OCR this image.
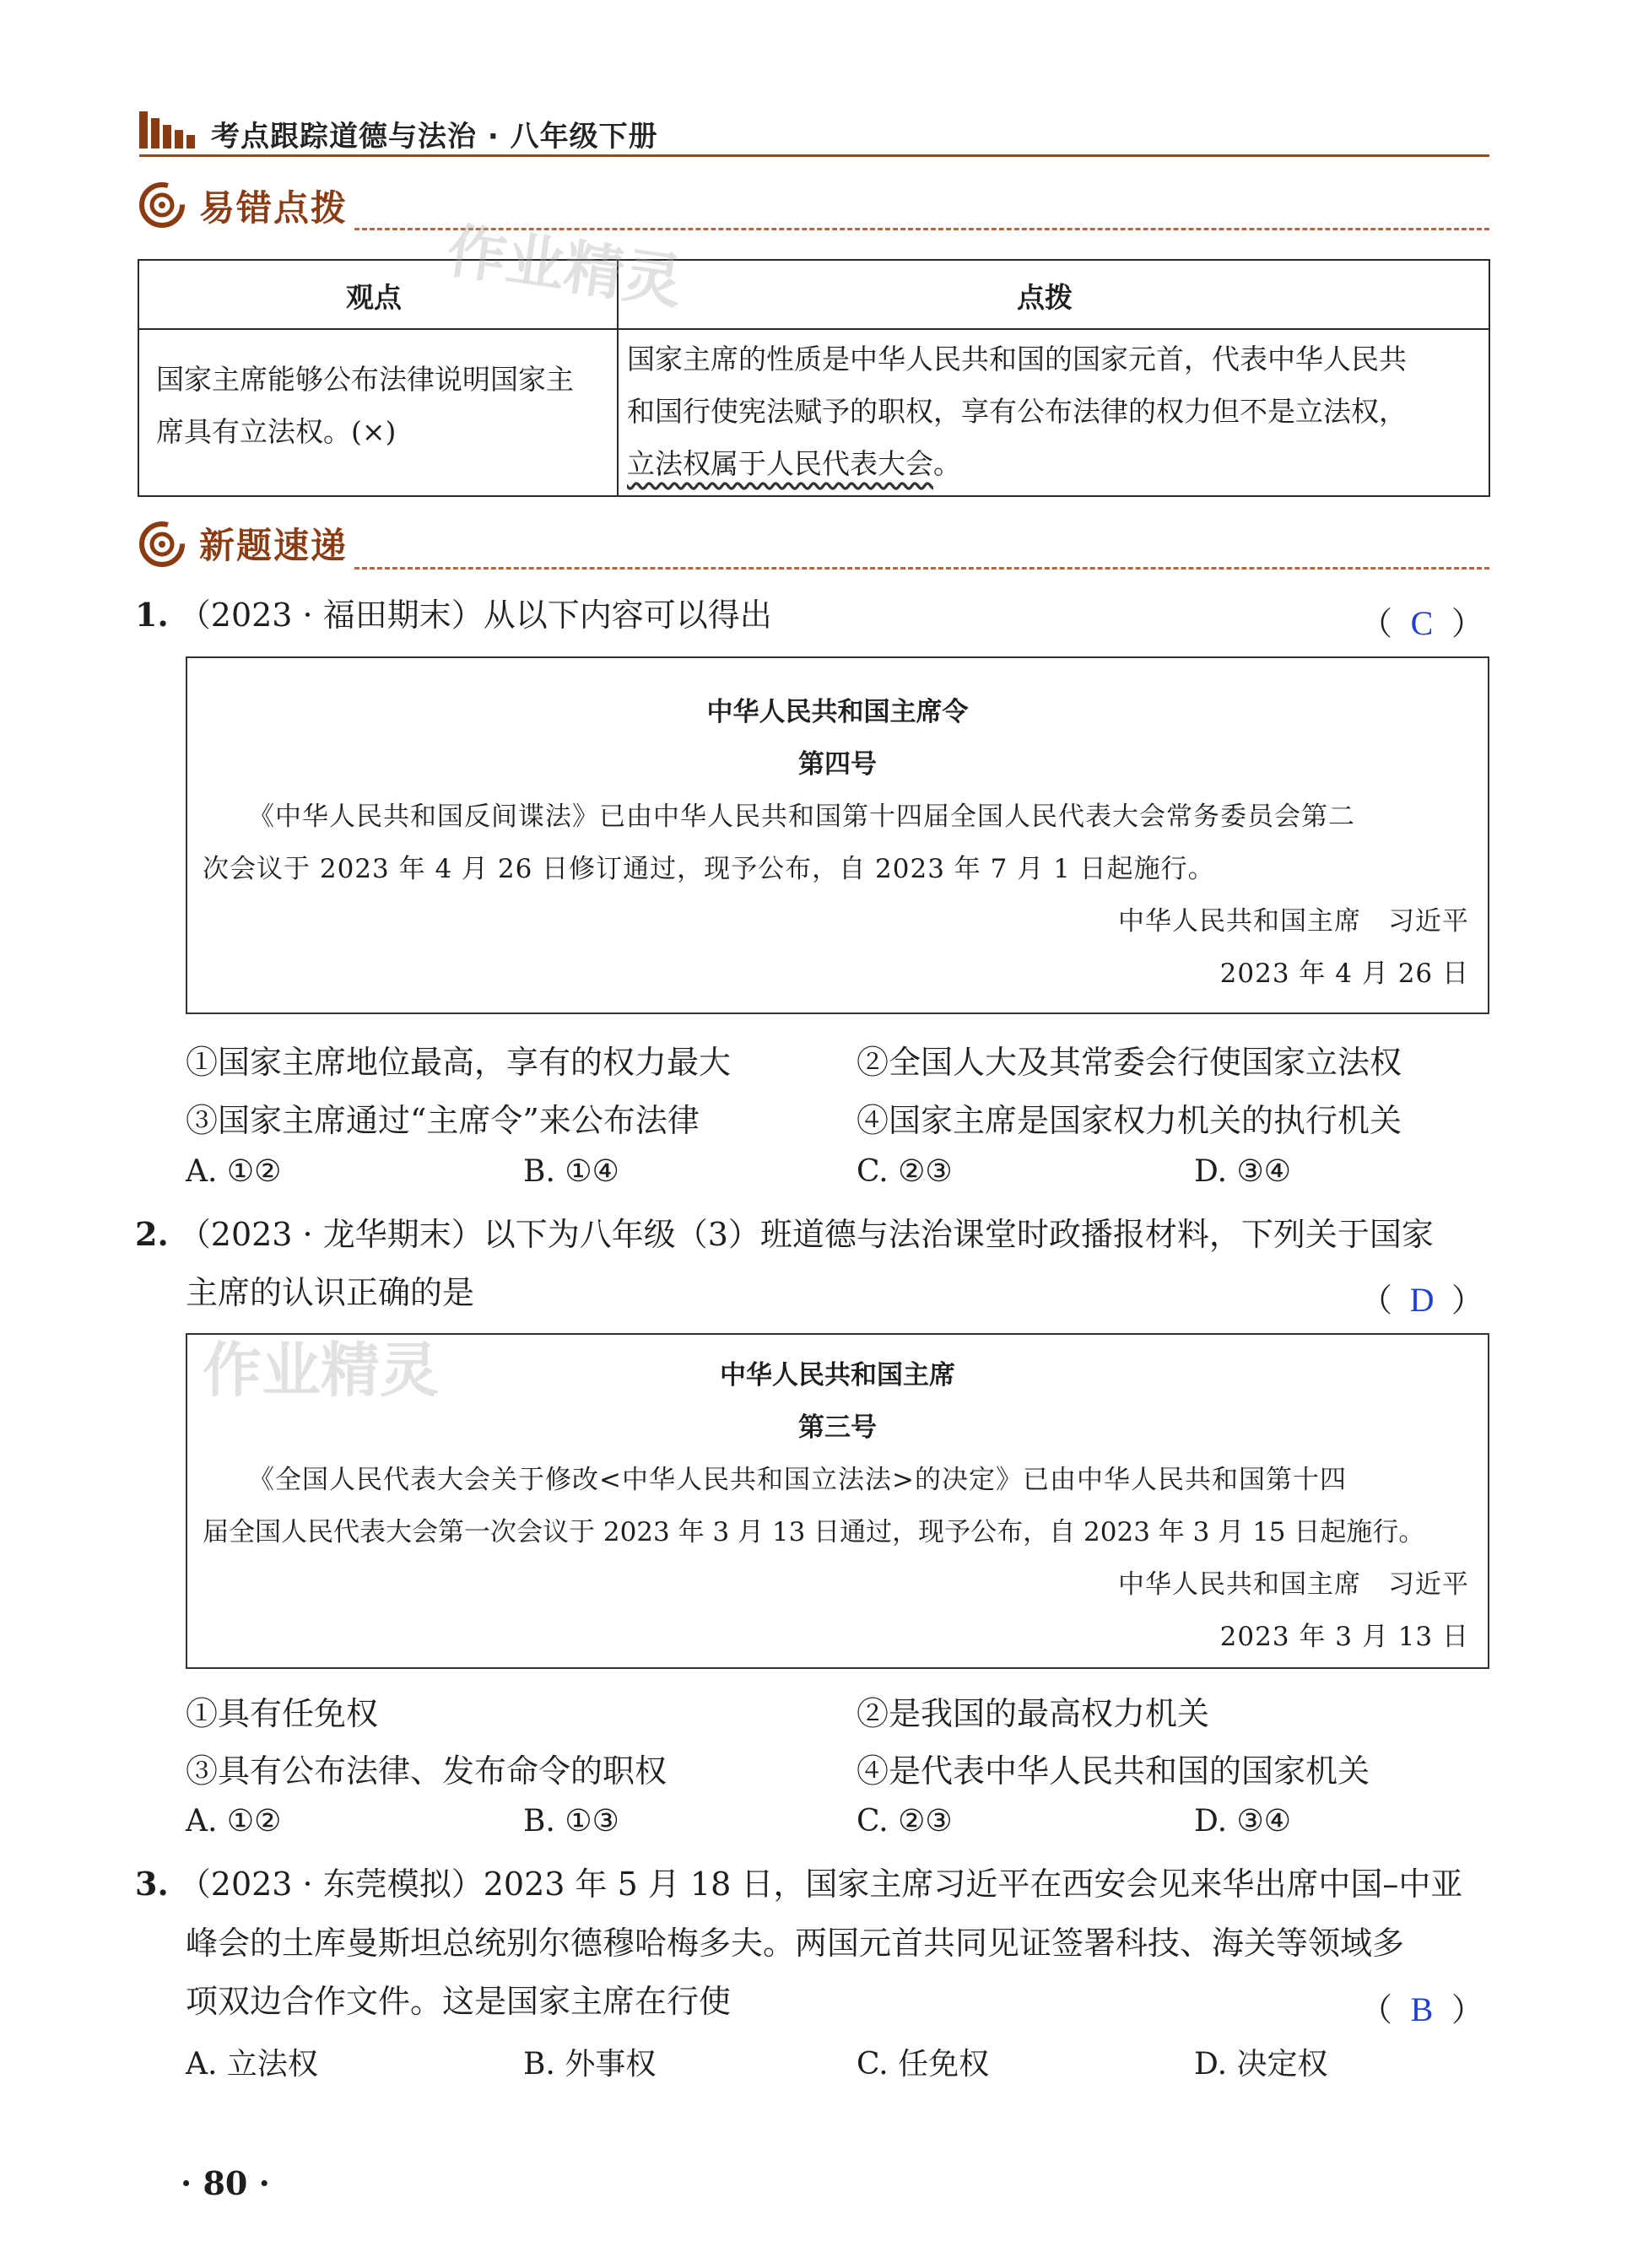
考点跟踪道德与法治 · 八年级下册
易错点拨
观点	点拨
国家主席能够公布法律说明国家主
席具有立法权。(×)
国家主席的性质是中华人民共和国的国家元首，代表中华人民共
和国行使宪法赋予的职权，享有公布法律的权力但不是立法权，
立法权属于人民代表大会。
作业精灵
新题速递
1. （2023 · 福田期末）从以下内容可以得出	（ C ）
中华人民共和国主席令
第四号
《中华人民共和国反间谍法》已由中华人民共和国第十四届全国人民代表大会常务委员会第二
次会议于 2023 年 4 月 26 日修订通过，现予公布，自 2023 年 7 月 1 日起施行。
中华人民共和国主席　习近平
2023 年 4 月 26 日
①国家主席地位最高，享有的权力最大	②全国人大及其常委会行使国家立法权
③国家主席通过“主席令”来公布法律	④国家主席是国家权力机关的执行机关
A. ①②	B. ①④	C. ②③	D. ③④
2. （2023 · 龙华期末）以下为八年级（3）班道德与法治课堂时政播报材料，下列关于国家
主席的认识正确的是	（ D ）
作业精灵	中华人民共和国主席
第三号
《全国人民代表大会关于修改<中华人民共和国立法法>的决定》已由中华人民共和国第十四
届全国人民代表大会第一次会议于 2023 年 3 月 13 日通过，现予公布，自 2023 年 3 月 15 日起施行。
中华人民共和国主席　习近平
2023 年 3 月 13 日
①具有任免权	②是我国的最高权力机关
③具有公布法律、发布命令的职权	④是代表中华人民共和国的国家机关
A. ①②	B. ①③	C. ②③	D. ③④
3. （2023 · 东莞模拟）2023 年 5 月 18 日，国家主席习近平在西安会见来华出席中国–中亚
峰会的土库曼斯坦总统别尔德穆哈梅多夫。两国元首共同见证签署科技、海关等领域多
项双边合作文件。这是国家主席在行使	（ B ）
A. 立法权	B. 外事权	C. 任免权	D. 决定权
· 80 ·
